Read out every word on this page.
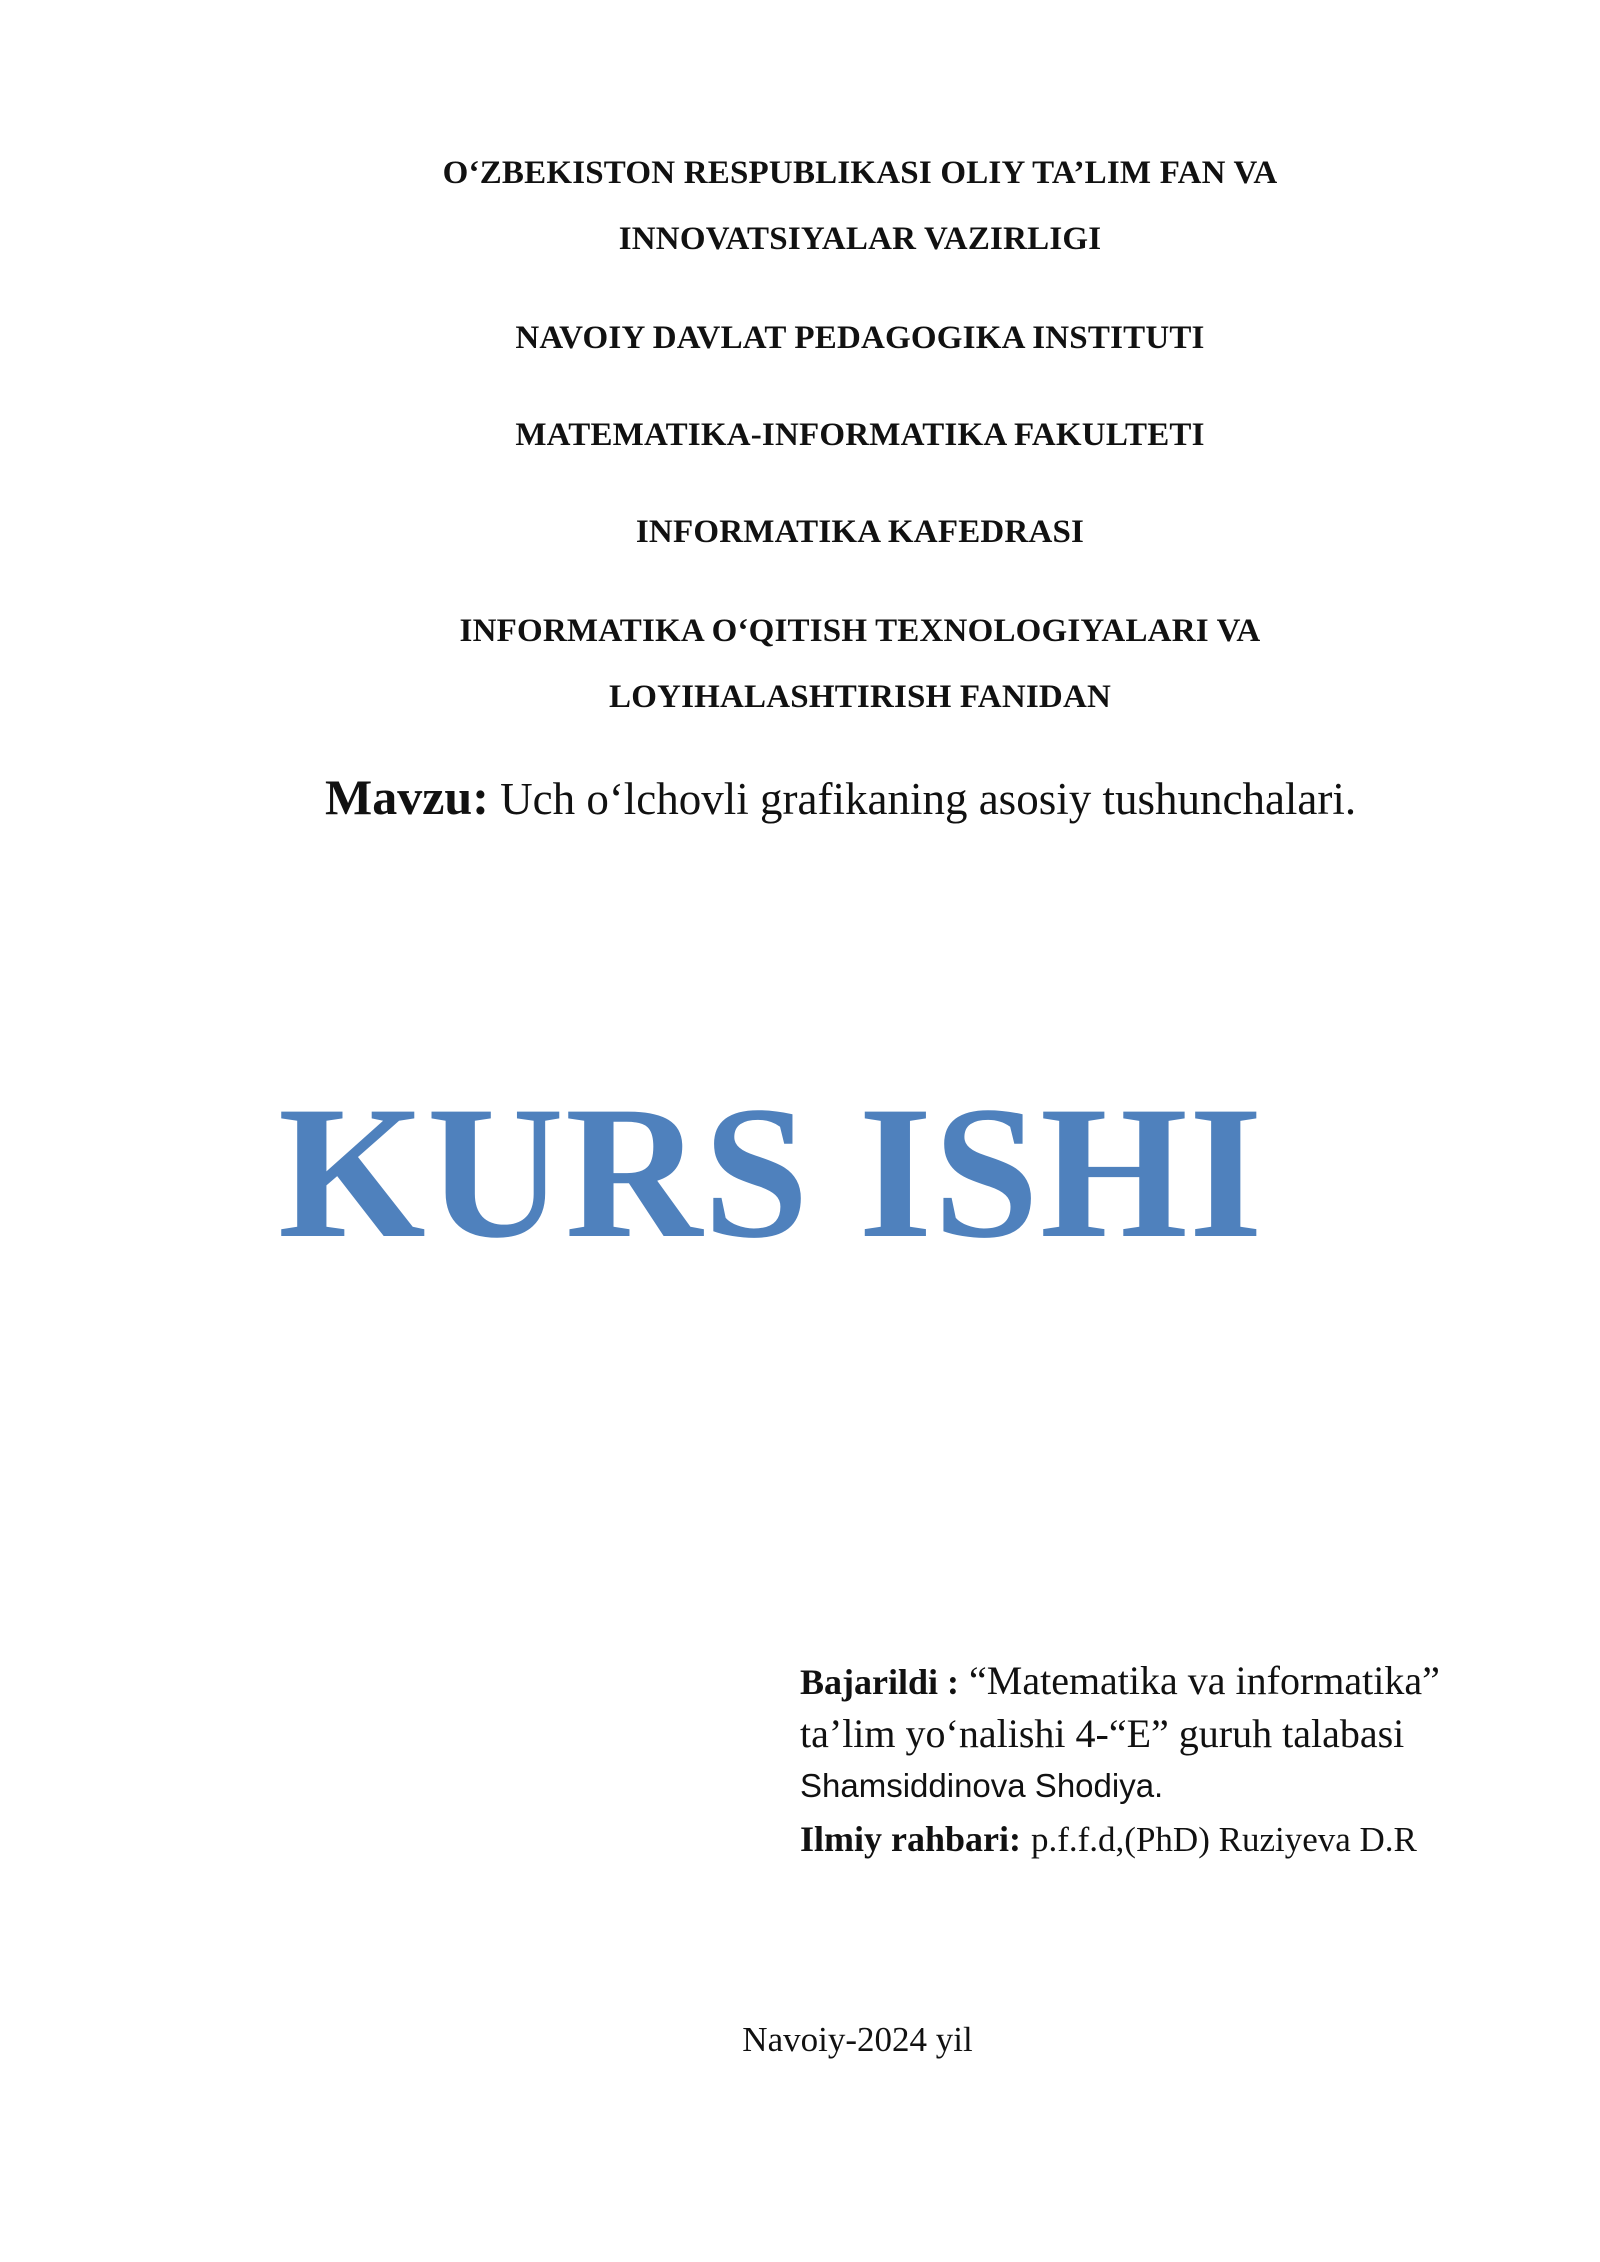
O‘ZBEKISTON RESPUBLIKASI OLIY TA’LIM FAN VA
INNOVATSIYALAR VAZIRLIGI
NAVOIY DAVLAT PEDAGOGIKA INSTITUTI
MATEMATIKA-INFORMATIKA FAKULTETI
INFORMATIKA KAFEDRASI
INFORMATIKA O‘QITISH TEXNOLOGIYALARI VA
LOYIHALASHTIRISH FANIDAN
Mavzu: Uch o‘lchovli grafikaning asosiy tushunchalari.
KURS ISHI
Bajarildi : “Matematika va informatika”
ta’lim yo‘nalishi 4-“E” guruh talabasi
Shamsiddinova Shodiya.
Ilmiy rahbari: p.f.f.d,(PhD) Ruziyeva D.R
Navoiy-2024 yil
